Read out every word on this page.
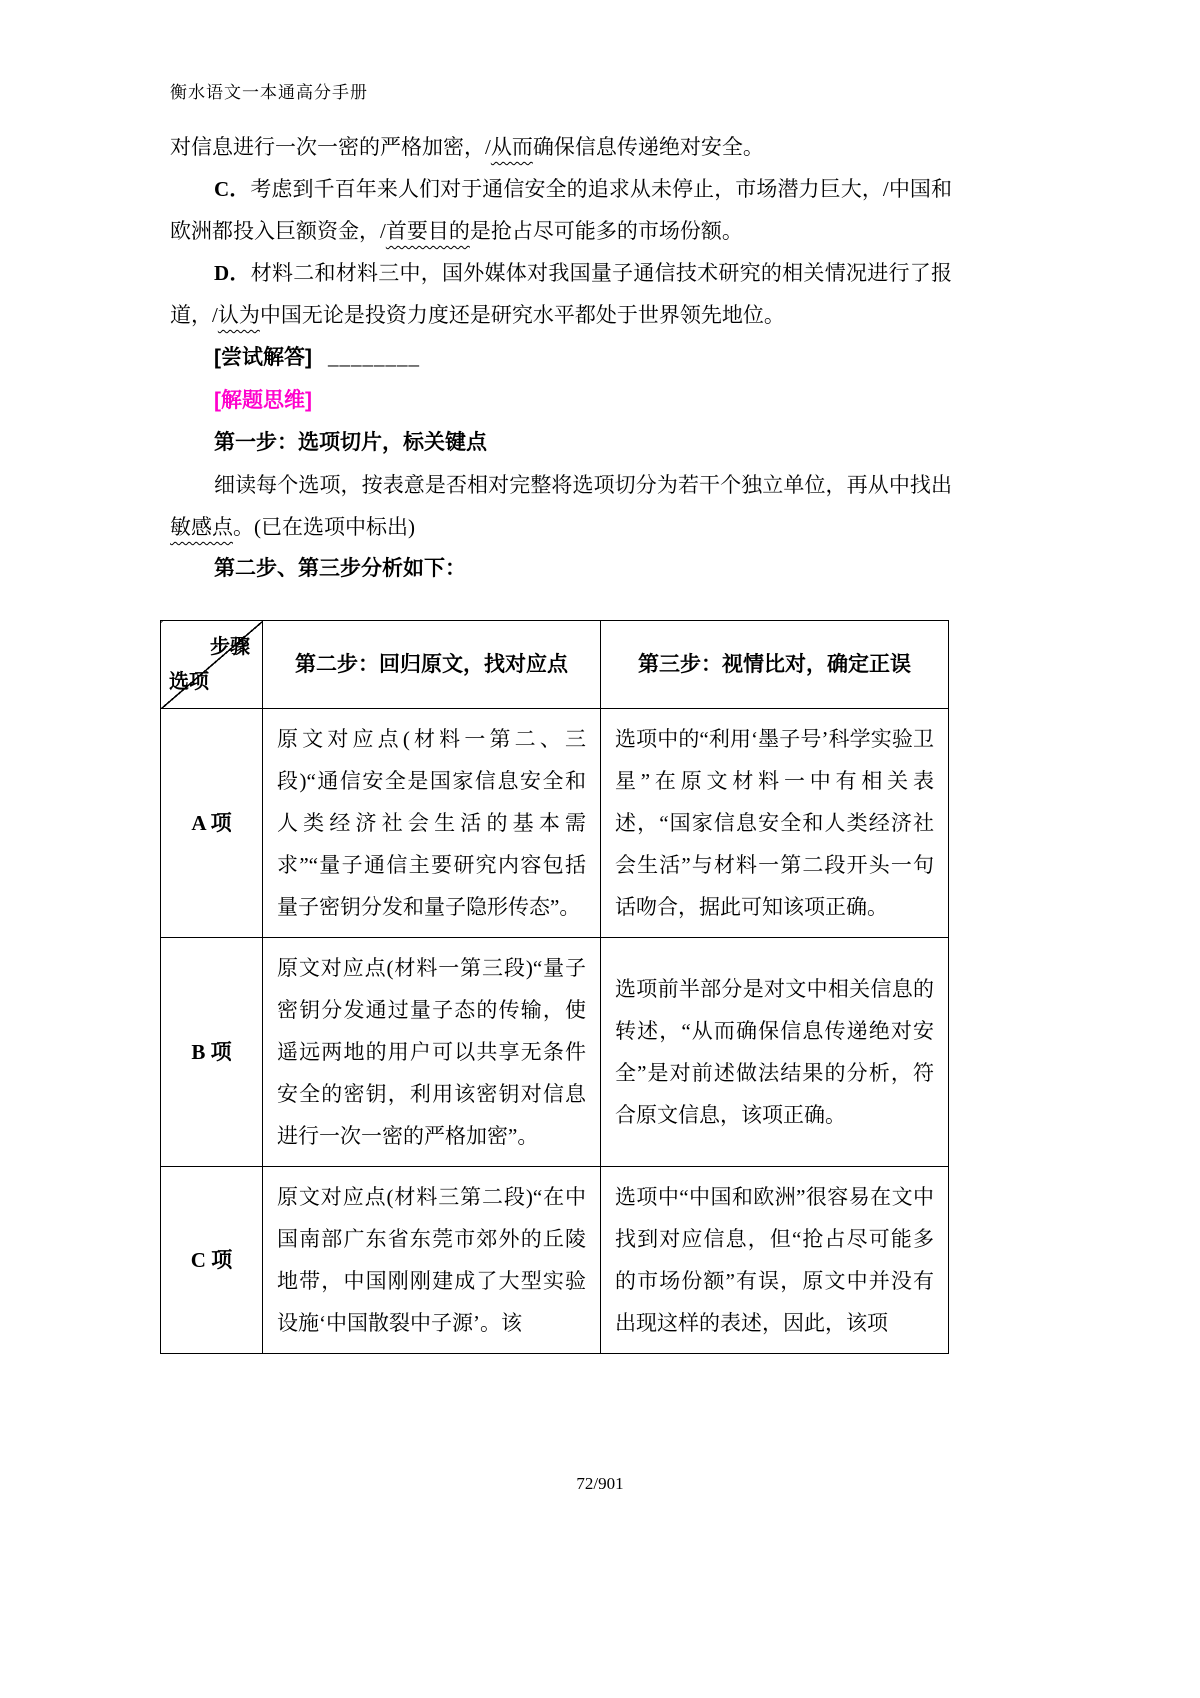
衡水语文一本通高分手册

对信息进行一次一密的严格加密，/从而确保信息传递绝对安全。

C．考虑到千百年来人们对于通信安全的追求从未停止，市场潜力巨大，/中国和欧洲都投入巨额资金，/首要目的是抢占尽可能多的市场份额。

D．材料二和材料三中，国外媒体对我国量子通信技术研究的相关情况进行了报道，/认为中国无论是投资力度还是研究水平都处于世界领先地位。

[尝试解答] ________

[解题思维]

第一步：选项切片，标关键点

细读每个选项，按表意是否相对完整将选项切分为若干个独立单位，再从中找出敏感点。(已在选项中标出)

第二步、第三步分析如下：

步骤
选项	第二步：回归原文，找对应点	第三步：视情比对，确定正误
A 项	原文对应点(材料一第二、三段)“通信安全是国家信息安全和人类经济社会生活的基本需求”“量子通信主要研究内容包括量子密钥分发和量子隐形传态”。	选项中的“利用‘墨子号’科学实验卫星”在原文材料一中有相关表述，“国家信息安全和人类经济社会生活”与材料一第二段开头一句话吻合，据此可知该项正确。
B 项	原文对应点(材料一第三段)“量子密钥分发通过量子态的传输，使遥远两地的用户可以共享无条件安全的密钥，利用该密钥对信息进行一次一密的严格加密”。	选项前半部分是对文中相关信息的转述，“从而确保信息传递绝对安全”是对前述做法结果的分析，符合原文信息，该项正确。
C 项	原文对应点(材料三第二段)“在中国南部广东省东莞市郊外的丘陵地带，中国刚刚建成了大型实验设施‘中国散裂中子源’。该	选项中“中国和欧洲”很容易在文中找到对应信息，但“抢占尽可能多的市场份额”有误，原文中并没有出现这样的表述，因此，该项
72/901
